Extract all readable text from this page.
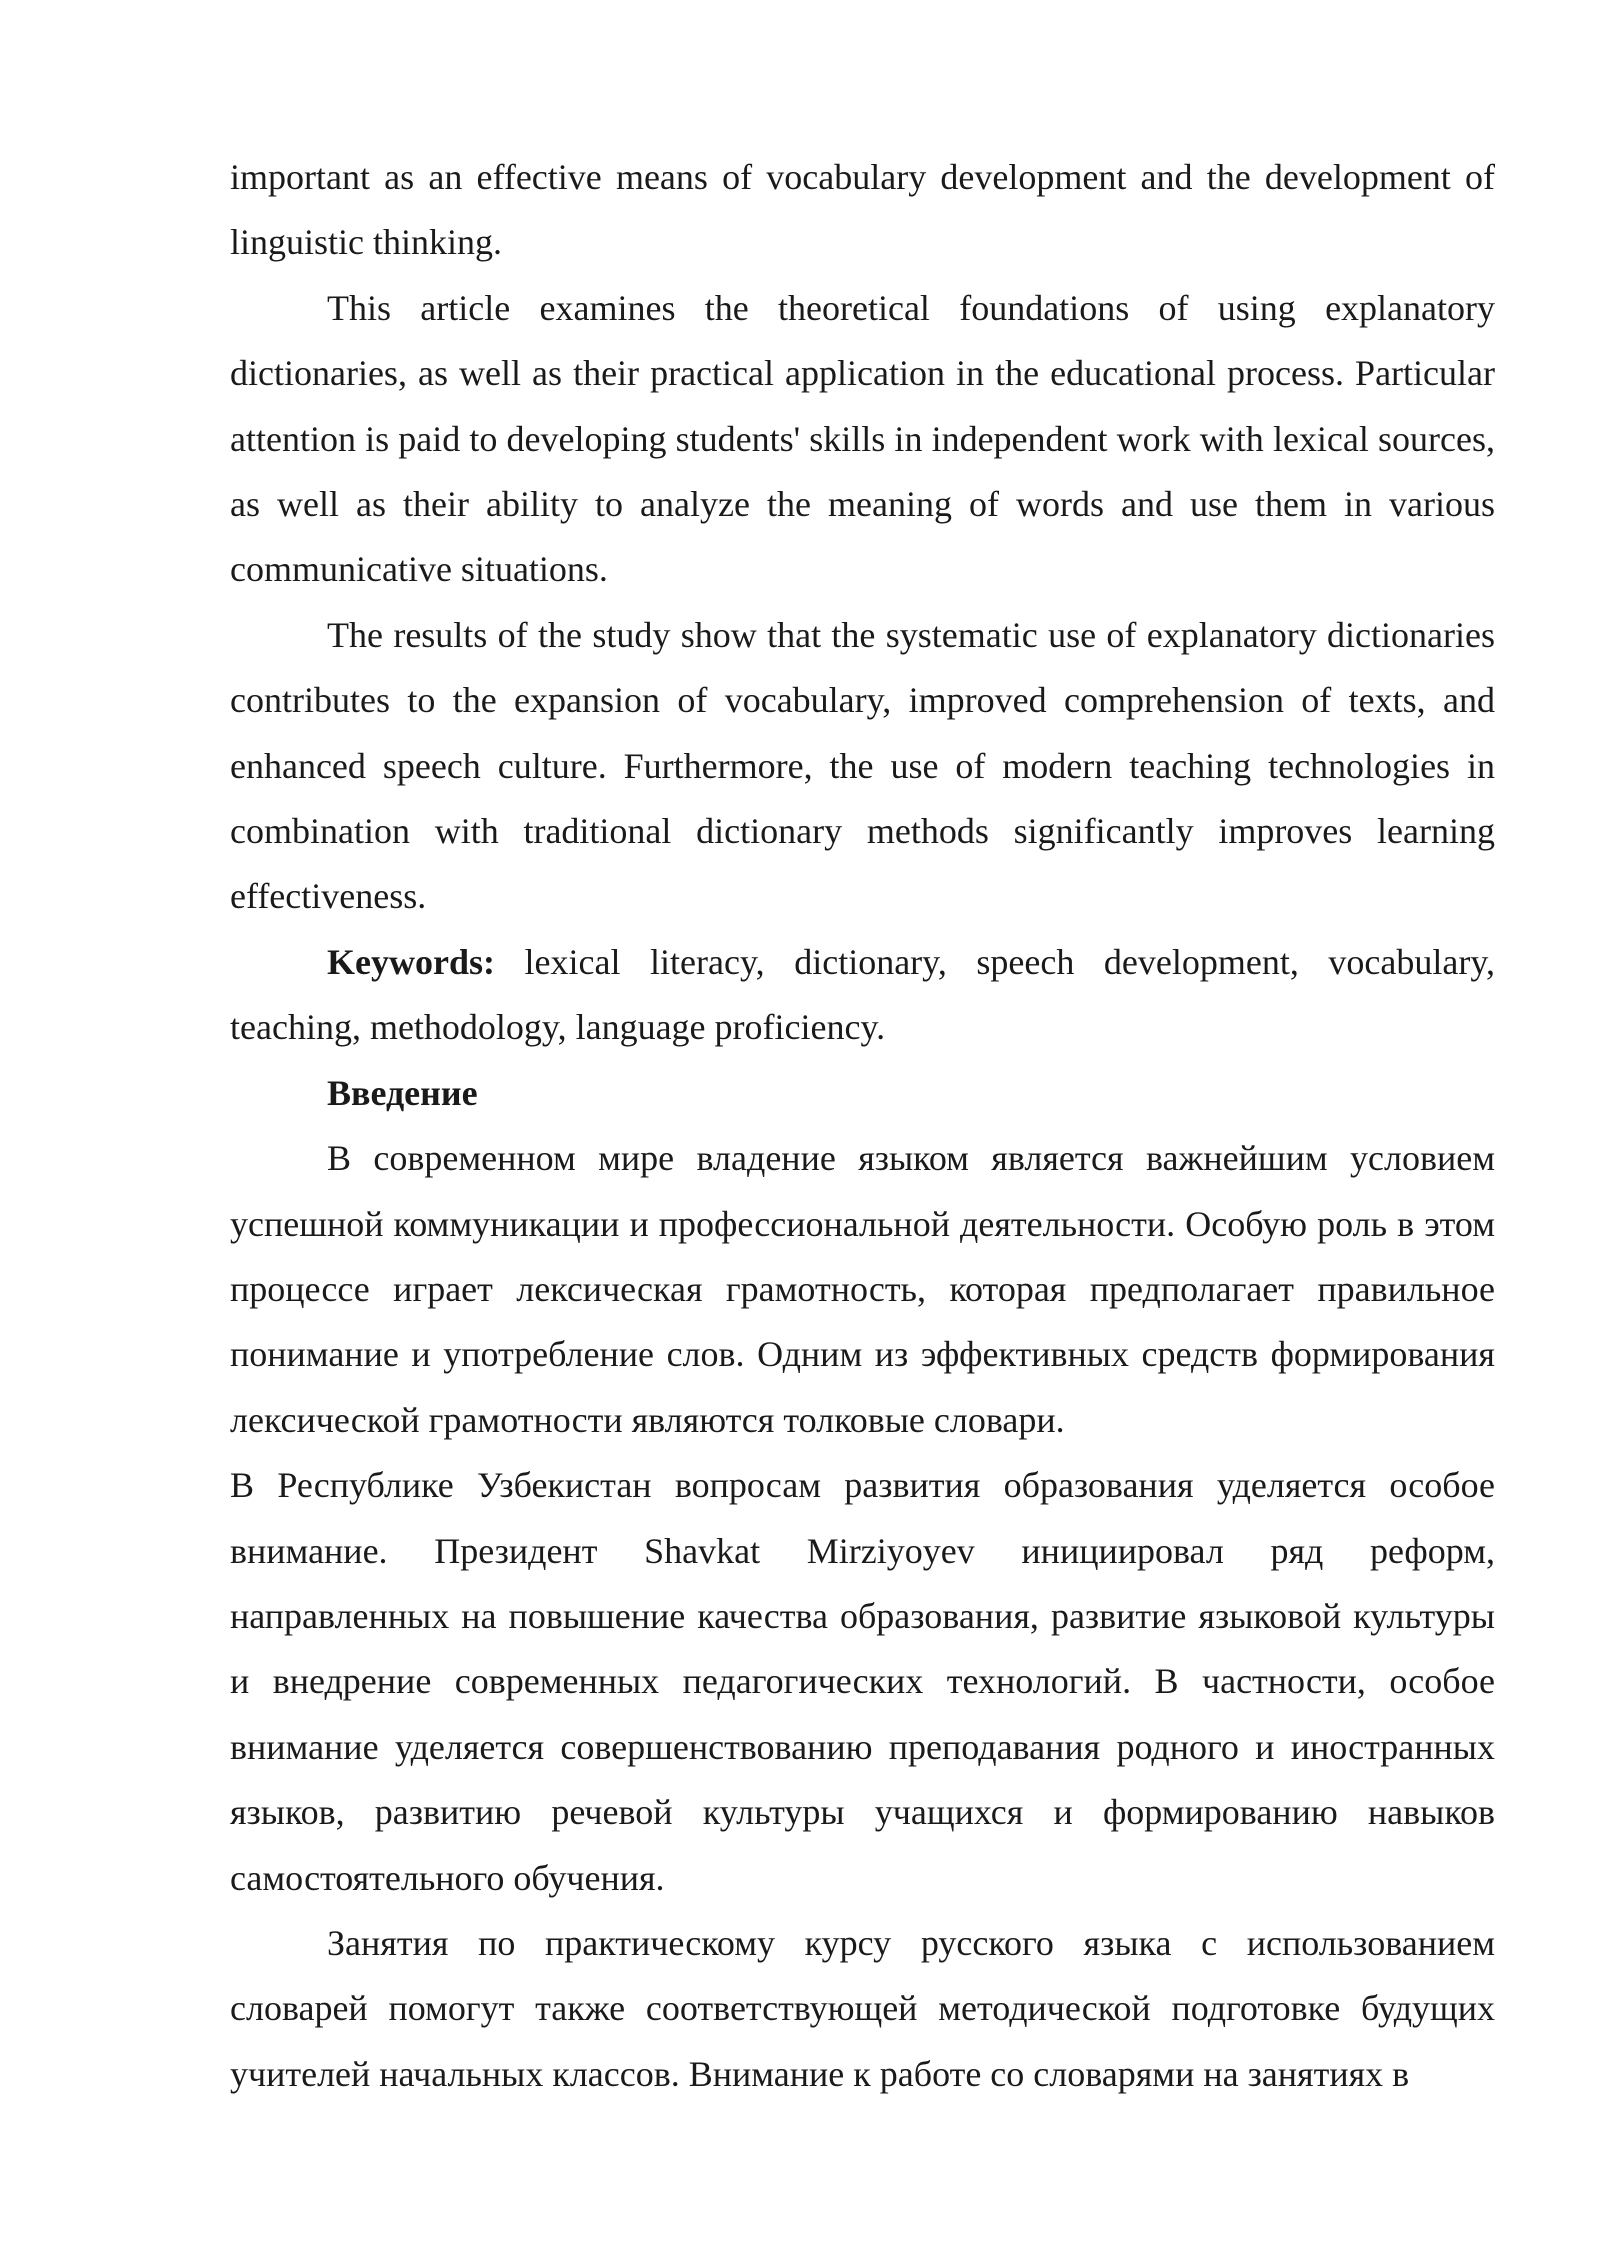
important as an effective means of vocabulary development and the development of linguistic thinking.

This article examines the theoretical foundations of using explanatory dictionaries, as well as their practical application in the educational process. Particular attention is paid to developing students' skills in independent work with lexical sources, as well as their ability to analyze the meaning of words and use them in various communicative situations.

The results of the study show that the systematic use of explanatory dictionaries contributes to the expansion of vocabulary, improved comprehension of texts, and enhanced speech culture. Furthermore, the use of modern teaching technologies in combination with traditional dictionary methods significantly improves learning effectiveness.

Keywords: lexical literacy, dictionary, speech development, vocabulary, teaching, methodology, language proficiency.

Введение

В современном мире владение языком является важнейшим условием успешной коммуникации и профессиональной деятельности. Особую роль в этом процессе играет лексическая грамотность, которая предполагает правильное понимание и употребление слов. Одним из эффективных средств формирования лексической грамотности являются толковые словари.

В Республике Узбекистан вопросам развития образования уделяется особое внимание. Президент Shavkat Mirziyoyev инициировал ряд реформ, направленных на повышение качества образования, развитие языковой культуры и внедрение современных педагогических технологий. В частности, особое внимание уделяется совершенствованию преподавания родного и иностранных языков, развитию речевой культуры учащихся и формированию навыков самостоятельного обучения.

Занятия по практическому курсу русского языка с использованием словарей помогут также соответствующей методической подготовке будущих учителей начальных классов. Внимание к работе со словарями на занятиях в
